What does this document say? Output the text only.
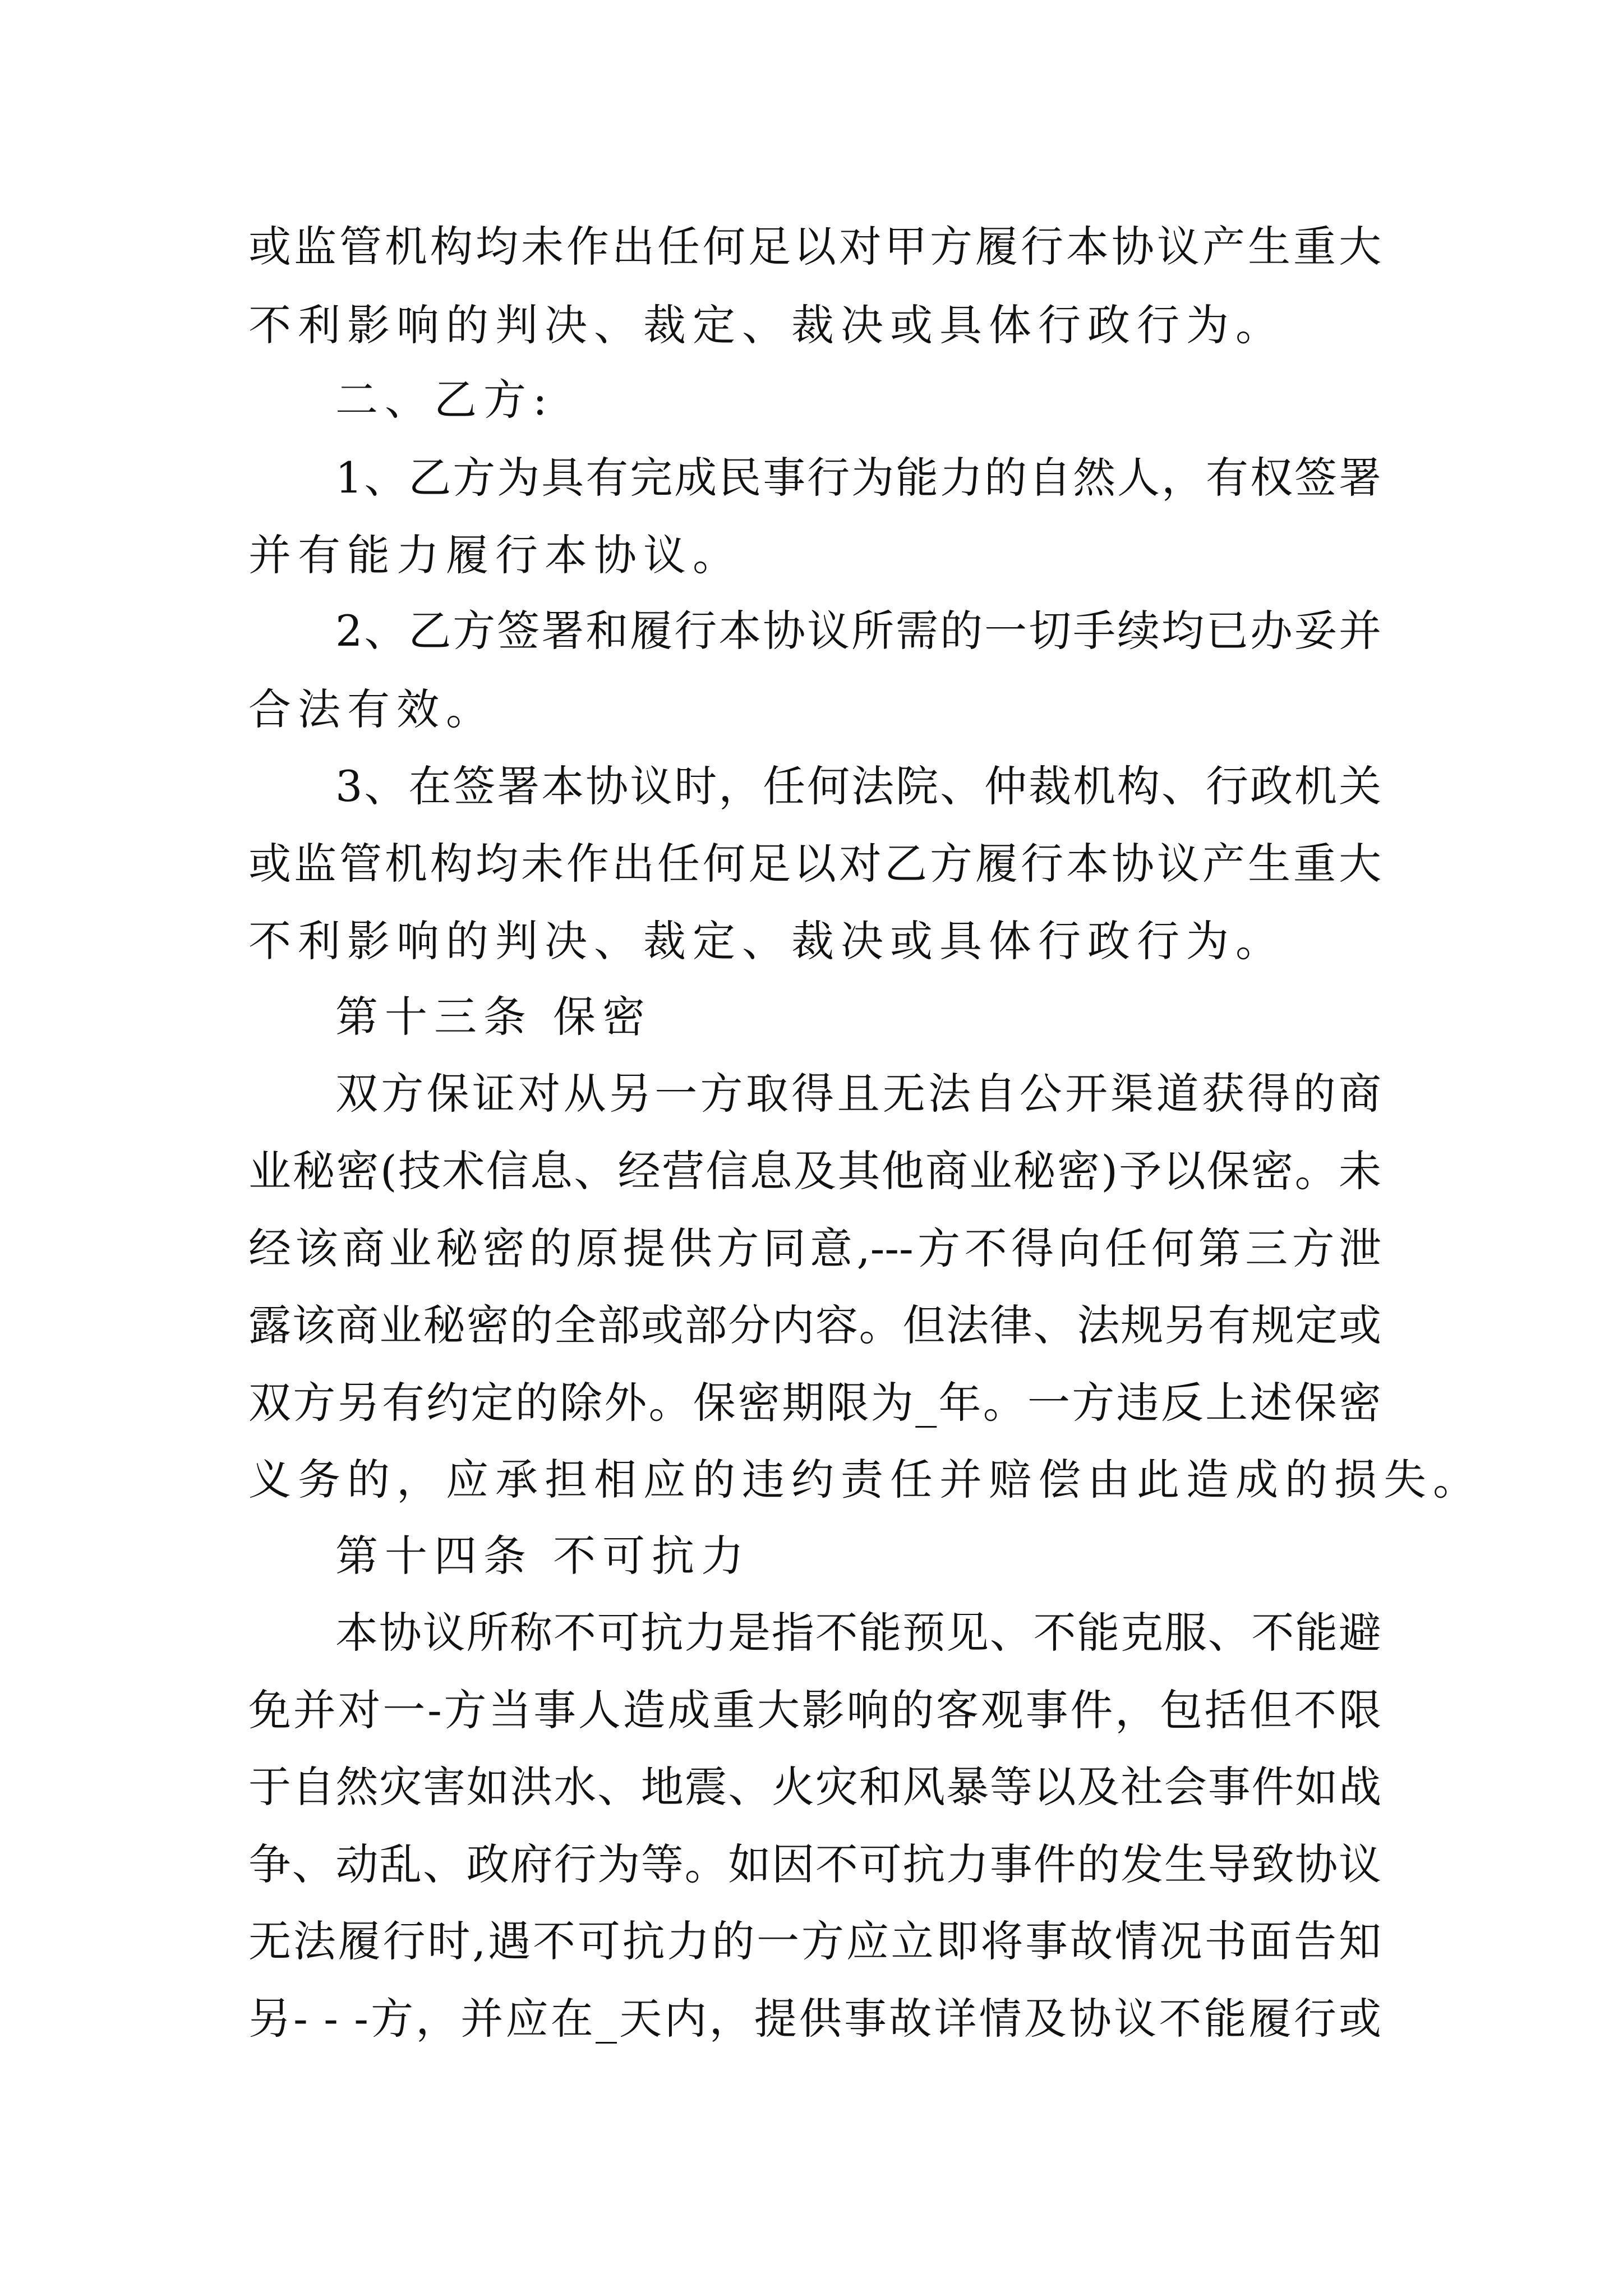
或监管机构均未作出任何足以对甲方履行本协议产生重大
不利影响的判决、裁定、裁决或具体行政行为。
二、乙方:
1、乙方为具有完成民事行为能力的自然人，有权签署
并有能力履行本协议。
2、乙方签署和履行本协议所需的一切手续均已办妥并
合法有效。
3、在签署本协议时，任何法院、仲裁机构、行政机关
或监管机构均未作出任何足以对乙方履行本协议产生重大
不利影响的判决、裁定、裁决或具体行政行为。
第十三条 保密
双方保证对从另一方取得且无法自公开渠道获得的商
业秘密(技术信息、经营信息及其他商业秘密)予以保密。未
经该商业秘密的原提供方同意,---方不得向任何第三方泄
露该商业秘密的全部或部分内容。但法律、法规另有规定或
双方另有约定的除外。保密期限为_年。一方违反上述保密
义务的，应承担相应的违约责任并赔偿由此造成的损失。
第十四条 不可抗力
本协议所称不可抗力是指不能预见、不能克服、不能避
免并对一-方当事人造成重大影响的客观事件，包括但不限
于自然灾害如洪水、地震、火灾和风暴等以及社会事件如战
争、动乱、政府行为等。如因不可抗力事件的发生导致协议
无法履行时,遇不可抗力的一方应立即将事故情况书面告知
另- - -方，并应在_天内，提供事故详情及协议不能履行或
